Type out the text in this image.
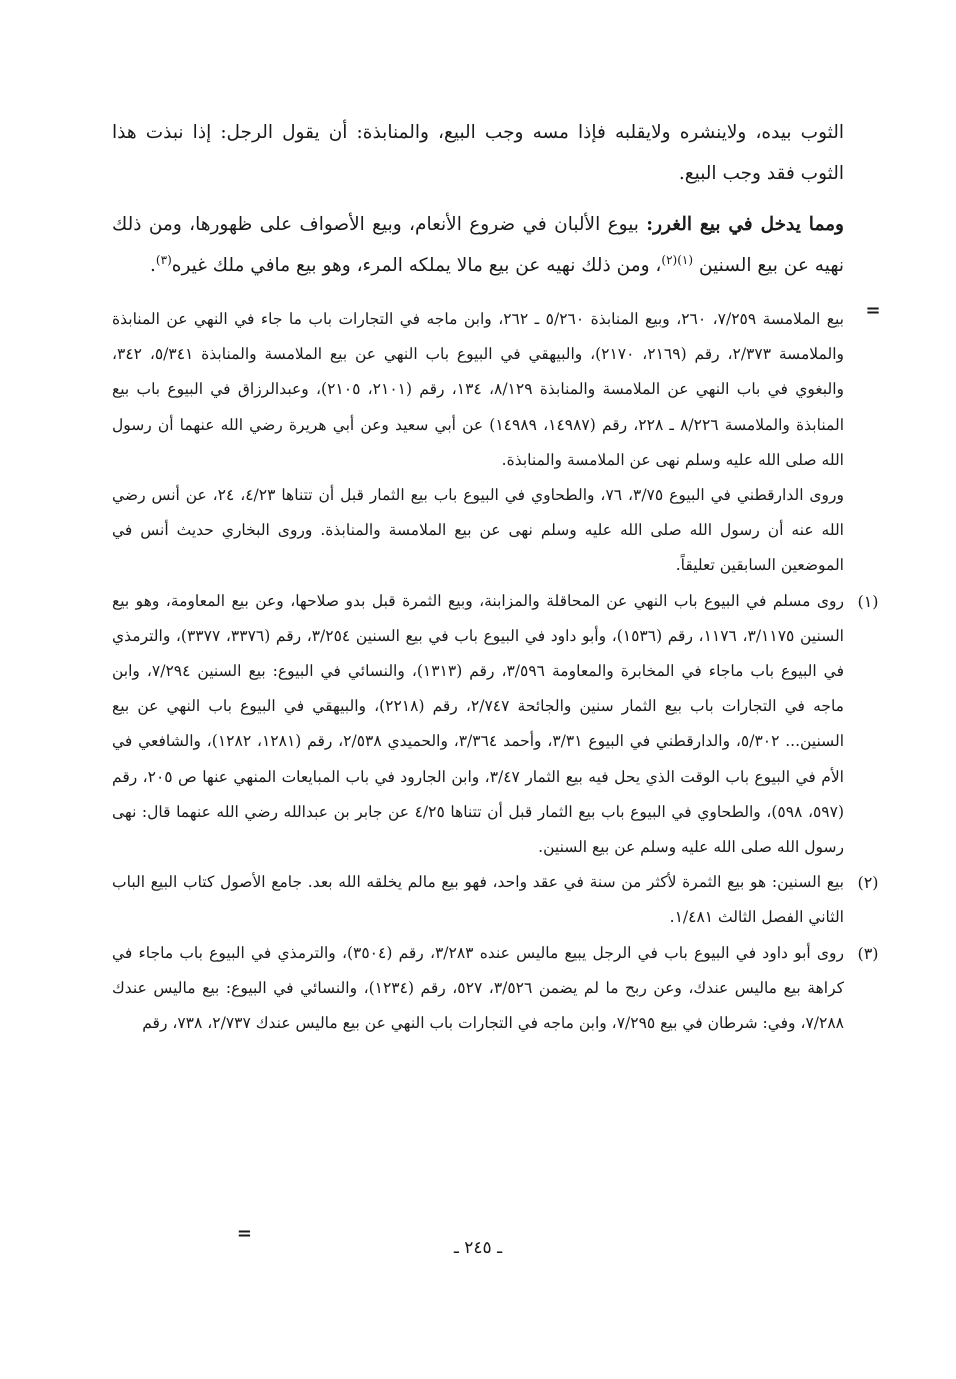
الثوب بيده، ولاينشره ولايقلبه فإذا مسه وجب البيع، والمنابذة: أن يقول الرجل: إذا نبذت هذا الثوب فقد وجب البيع.

ومما يدخل في بيع الغرر: بيوع الألبان في ضروع الأنعام، وبيع الأصواف على ظهورها، ومن ذلك نهيه عن بيع السنين $^{(١)(٢)}$، ومن ذلك نهيه عن بيع مالا يملكه المرء، وهو بيع مافي ملك غيره$^{(٣)}$.

=

بيع الملامسة ٧/٢٥٩، ٢٦٠، وبيع المنابذة ٥/٢٦٠ ـ ٢٦٢، وابن ماجه في التجارات باب ما جاء في النهي عن المنابذة والملامسة ٢/٣٧٣، رقم (٢١٦٩، ٢١٧٠)، والبيهقي في البيوع باب النهي عن بيع الملامسة والمنابذة ٥/٣٤١، ٣٤٢، والبغوي في باب النهي عن الملامسة والمنابذة ٨/١٢٩، ١٣٤، رقم (٢١٠١، ٢١٠٥)، وعبدالرزاق في البيوع باب بيع المنابذة والملامسة ٨/٢٢٦ ـ ٢٢٨، رقم (١٤٩٨٧، ١٤٩٨٩) عن أبي سعيد وعن أبي هريرة رضي الله عنهما أن رسول الله صلى الله عليه وسلم نهى عن الملامسة والمنابذة.

وروى الدارقطني في البيوع ٣/٧٥، ٧٦، والطحاوي في البيوع باب بيع الثمار قبل أن تتناها ٤/٢٣، ٢٤، عن أنس رضي الله عنه أن رسول الله صلى الله عليه وسلم نهى عن بيع الملامسة والمنابذة. وروى البخاري حديث أنس في الموضعين السابقين تعليقاً.

(١)

روى مسلم في البيوع باب النهي عن المحاقلة والمزابنة، وبيع الثمرة قبل بدو صلاحها، وعن بيع المعاومة، وهو بيع السنين ٣/١١٧٥، ١١٧٦، رقم (١٥٣٦)، وأبو داود في البيوع باب في بيع السنين ٣/٢٥٤، رقم (٣٣٧٦، ٣٣٧٧)، والترمذي في البيوع باب ماجاء في المخابرة والمعاومة ٣/٥٩٦، رقم (١٣١٣)، والنسائي في البيوع: بيع السنين ٧/٢٩٤، وابن ماجه في التجارات باب بيع الثمار سنين والجائحة ٢/٧٤٧، رقم (٢٢١٨)، والبيهقي في البيوع باب النهي عن بيع السنين... ٥/٣٠٢، والدارقطني في البيوع ٣/٣١، وأحمد ٣/٣٦٤، والحميدي ٢/٥٣٨، رقم (١٢٨١، ١٢٨٢)، والشافعي في الأم في البيوع باب الوقت الذي يحل فيه بيع الثمار ٣/٤٧، وابن الجارود في باب المبايعات المنهي عنها ص ٢٠٥، رقم (٥٩٧، ٥٩٨)، والطحاوي في البيوع باب بيع الثمار قبل أن تتناها ٤/٢٥ عن جابر بن عبدالله رضي الله عنهما قال: نهى رسول الله صلى الله عليه وسلم عن بيع السنين.

(٢)

بيع السنين: هو بيع الثمرة لأكثر من سنة في عقد واحد، فهو بيع مالم يخلقه الله بعد. جامع الأصول كتاب البيع الباب الثاني الفصل الثالث ١/٤٨١.

(٣)

روى أبو داود في البيوع باب في الرجل يبيع ماليس عنده ٣/٢٨٣، رقم (٣٥٠٤)، والترمذي في البيوع باب ماجاء في كراهة بيع ماليس عندك، وعن ربح ما لم يضمن ٣/٥٢٦، ٥٢٧، رقم (١٢٣٤)، والنسائي في البيوع: بيع ماليس عندك ٧/٢٨٨، وفي: شرطان في بيع ٧/٢٩٥، وابن ماجه في التجارات باب النهي عن بيع ماليس عندك ٢/٧٣٧، ٧٣٨، رقم

=
ـ ٢٤٥ ـ
